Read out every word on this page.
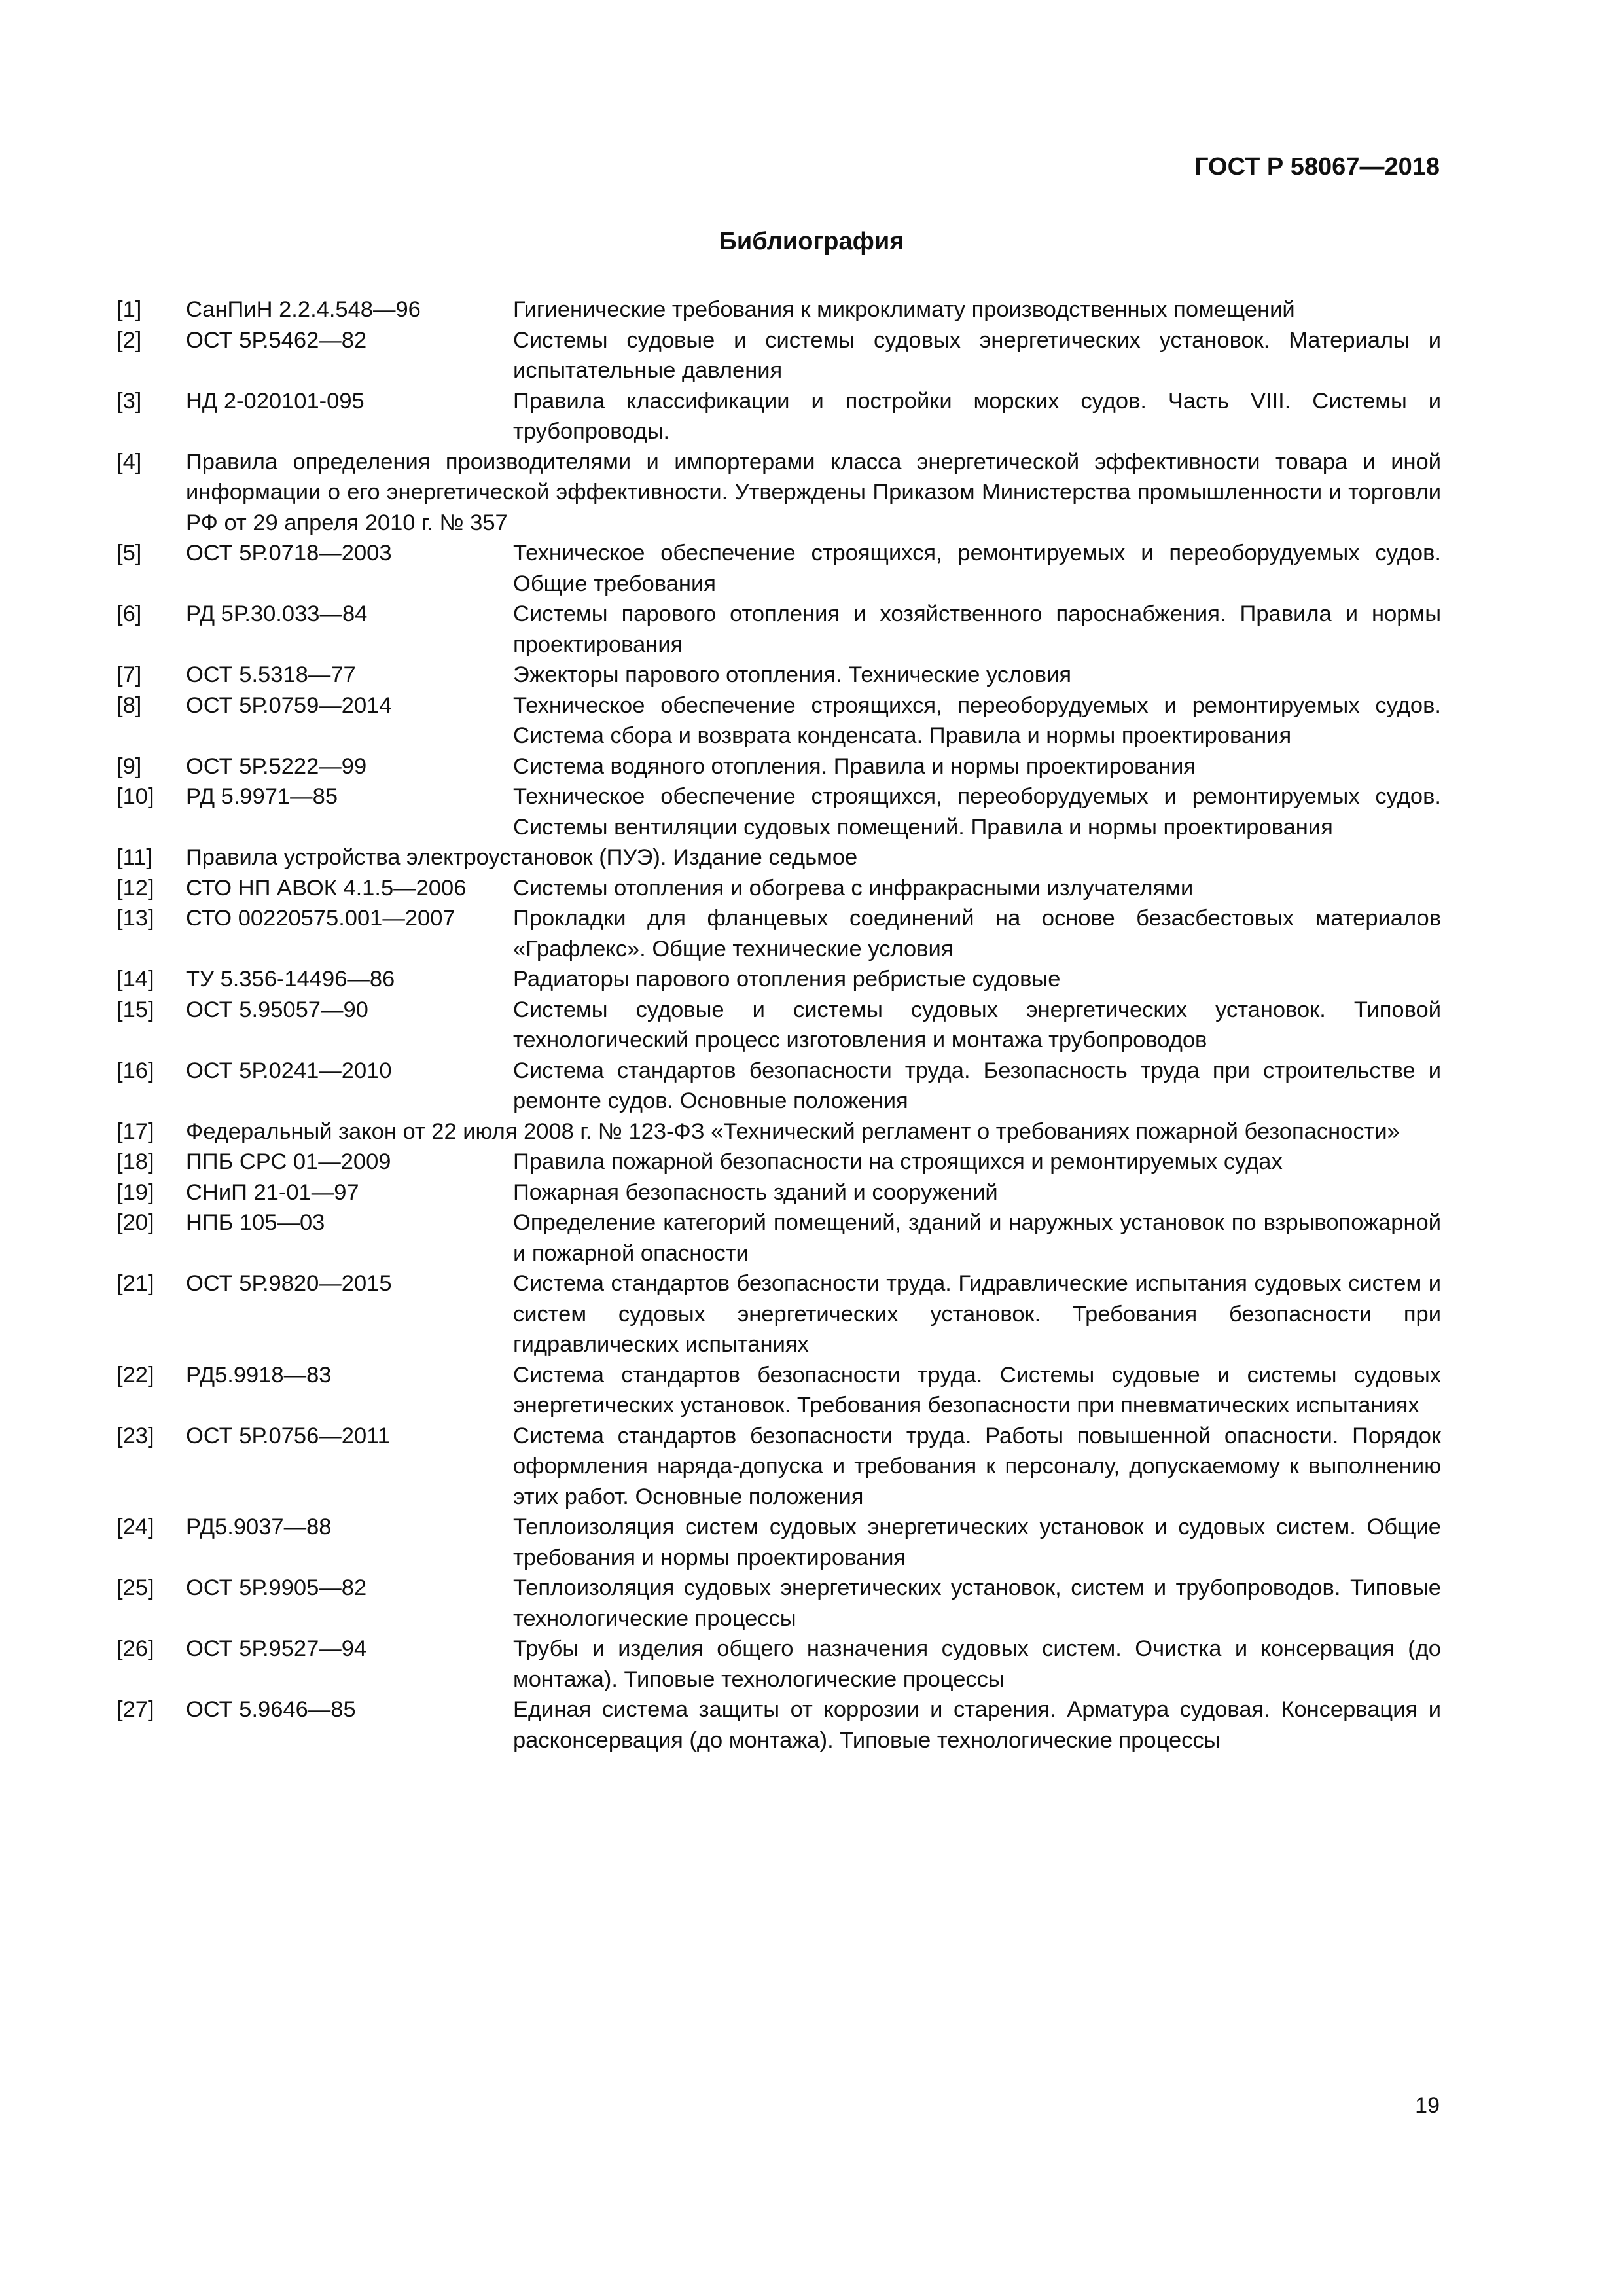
ГОСТ Р 58067—2018

Библиография
[1]	СанПиН 2.2.4.548—96	Гигиенические требования к микроклимату производственных помещений
[2]	ОСТ 5Р.5462—82	Системы судовые и системы судовых энергетических установок. Материалы и испытательные давления
[3]	НД 2-020101-095	Правила классификации и постройки морских судов. Часть VIII. Системы и трубопроводы.
[4]	Правила определения производителями и импортерами класса энергетической эффективности товара и иной информации о его энергетической эффективности. Утверждены Приказом Министерства промышленности и торговли РФ от 29 апреля 2010 г. № 357
[5]	ОСТ 5Р.0718—2003	Техническое обеспечение строящихся, ремонтируемых и переоборудуемых судов. Общие требования
[6]	РД 5Р.30.033—84	Системы парового отопления и хозяйственного пароснабжения. Правила и нормы проектирования
[7]	ОСТ 5.5318—77	Эжекторы парового отопления. Технические условия
[8]	ОСТ 5Р.0759—2014	Техническое обеспечение строящихся, переоборудуемых и ремонтируемых судов. Система сбора и возврата конденсата. Правила и нормы проектирования
[9]	ОСТ 5Р.5222—99	Система водяного отопления. Правила и нормы проектирования
[10]	РД 5.9971—85	Техническое обеспечение строящихся, переоборудуемых и ремонтируемых судов. Системы вентиляции судовых помещений. Правила и нормы проектирования
[11]	Правила устройства электроустановок (ПУЭ). Издание седьмое
[12]	СТО НП АВОК 4.1.5—2006	Системы отопления и обогрева с инфракрасными излучателями
[13]	СТО 00220575.001—2007	Прокладки для фланцевых соединений на основе безасбестовых материалов «Графлекс». Общие технические условия
[14]	ТУ 5.356-14496—86	Радиаторы парового отопления ребристые судовые
[15]	ОСТ 5.95057—90	Системы судовые и системы судовых энергетических установок. Типовой технологический процесс изготовления и монтажа трубопроводов
[16]	ОСТ 5Р.0241—2010	Система стандартов безопасности труда. Безопасность труда при строительстве и ремонте судов. Основные положения
[17]	Федеральный закон от 22 июля 2008 г. № 123-ФЗ «Технический регламент о требованиях пожарной безопасности»
[18]	ППБ СРС 01—2009	Правила пожарной безопасности на строящихся и ремонтируемых судах
[19]	СНиП 21-01—97	Пожарная безопасность зданий и сооружений
[20]	НПБ 105—03	Определение категорий помещений, зданий и наружных установок по взрывопожарной и пожарной опасности
[21]	ОСТ 5Р.9820—2015	Система стандартов безопасности труда. Гидравлические испытания судовых систем и систем судовых энергетических установок. Требования безопасности при гидравлических испытаниях
[22]	РД5.9918—83	Система стандартов безопасности труда. Системы судовые и системы судовых энергетических установок. Требования безопасности при пневматических испытаниях
[23]	ОСТ 5Р.0756—2011	Система стандартов безопасности труда. Работы повышенной опасности. Порядок оформления наряда-допуска и требования к персоналу, допускаемому к выполнению этих работ. Основные положения
[24]	РД5.9037—88	Теплоизоляция систем судовых энергетических установок и судовых систем. Общие требования и нормы проектирования
[25]	ОСТ 5Р.9905—82	Теплоизоляция судовых энергетических установок, систем и трубопроводов. Типовые технологические процессы
[26]	ОСТ 5Р.9527—94	Трубы и изделия общего назначения судовых систем. Очистка и консервация (до монтажа). Типовые технологические процессы
[27]	ОСТ 5.9646—85	Единая система защиты от коррозии и старения. Арматура судовая. Консервация и расконсервация (до монтажа). Типовые технологические процессы

19
